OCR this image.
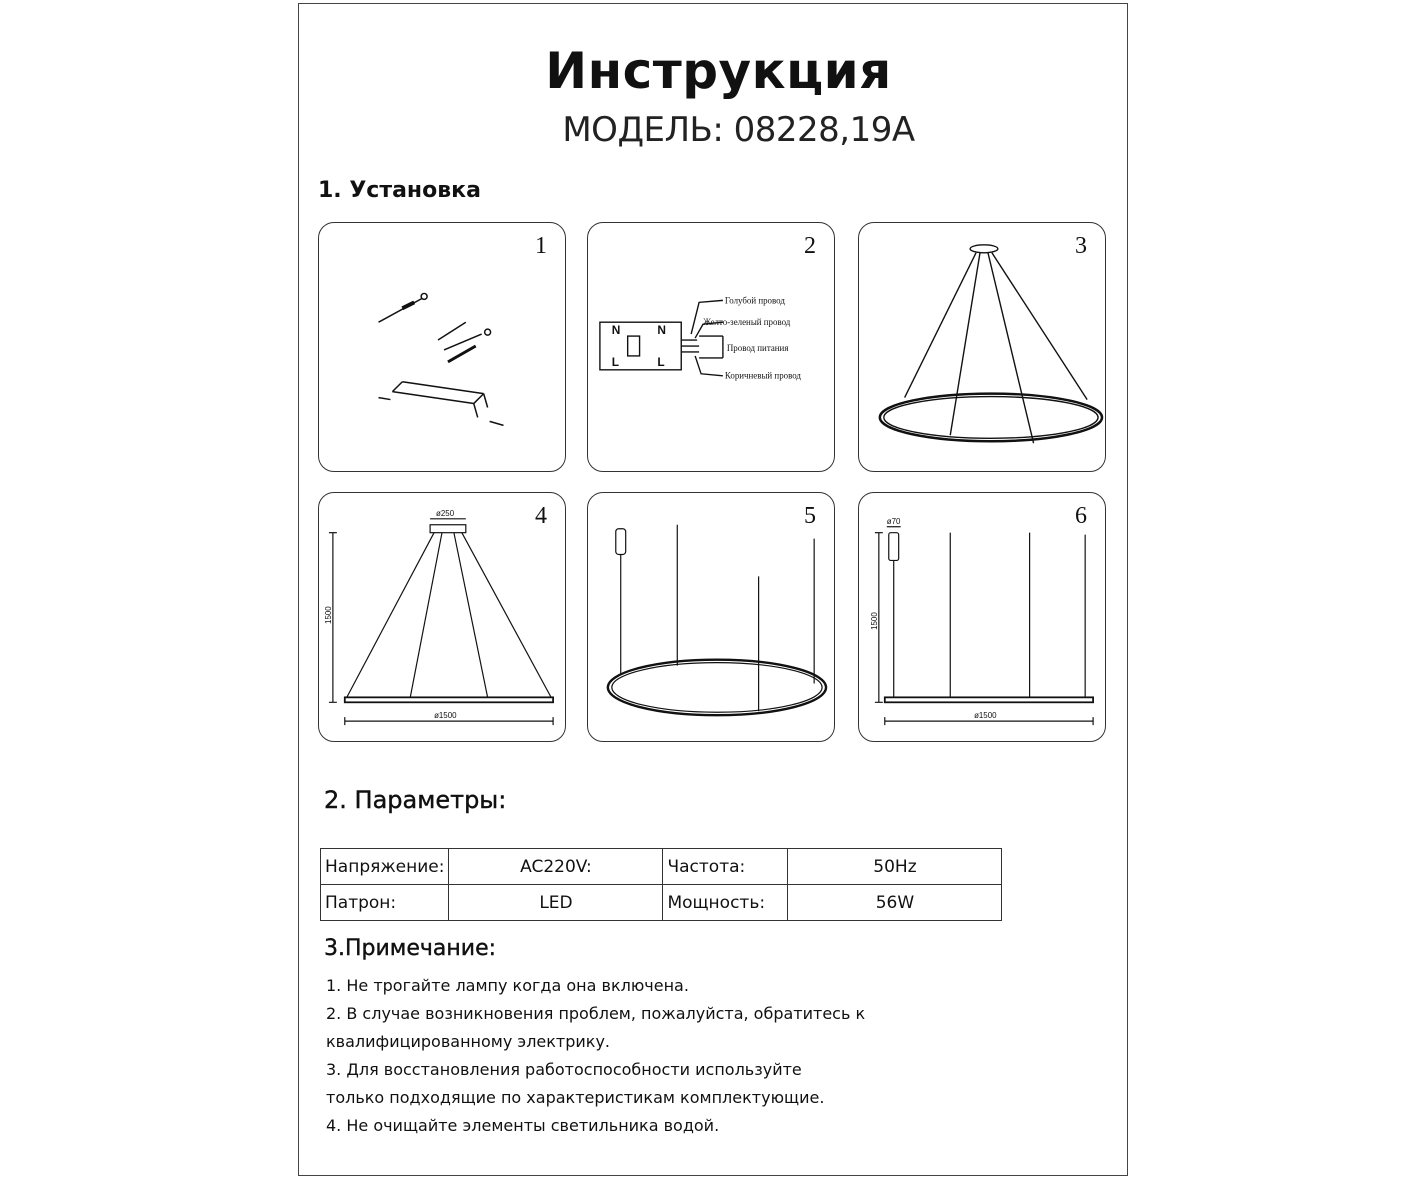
Инструкция
МОДЕЛЬ: 08228,19A
1. Установка
1	2
N
L
N
L
Голубой провод
Желто-зеленый провод
Провод питания
Коричневый провод
3
4
ø250
1500
ø1500
5	6
ø70
1500
ø1500
2. Параметры:
Напряжение:	AC220V:	Частота:	50Hz
Патрон:	LED	Мощность:	56W
3.Примечание:
1. Не трогайте лампу когда она включена.
2. В случае возникновения проблем, пожалуйста, обратитесь к
квалифицированному электрику.
3. Для восстановления работоспособности используйте
только подходящие по характеристикам комплектующие.
4. Не очищайте элементы светильника водой.
